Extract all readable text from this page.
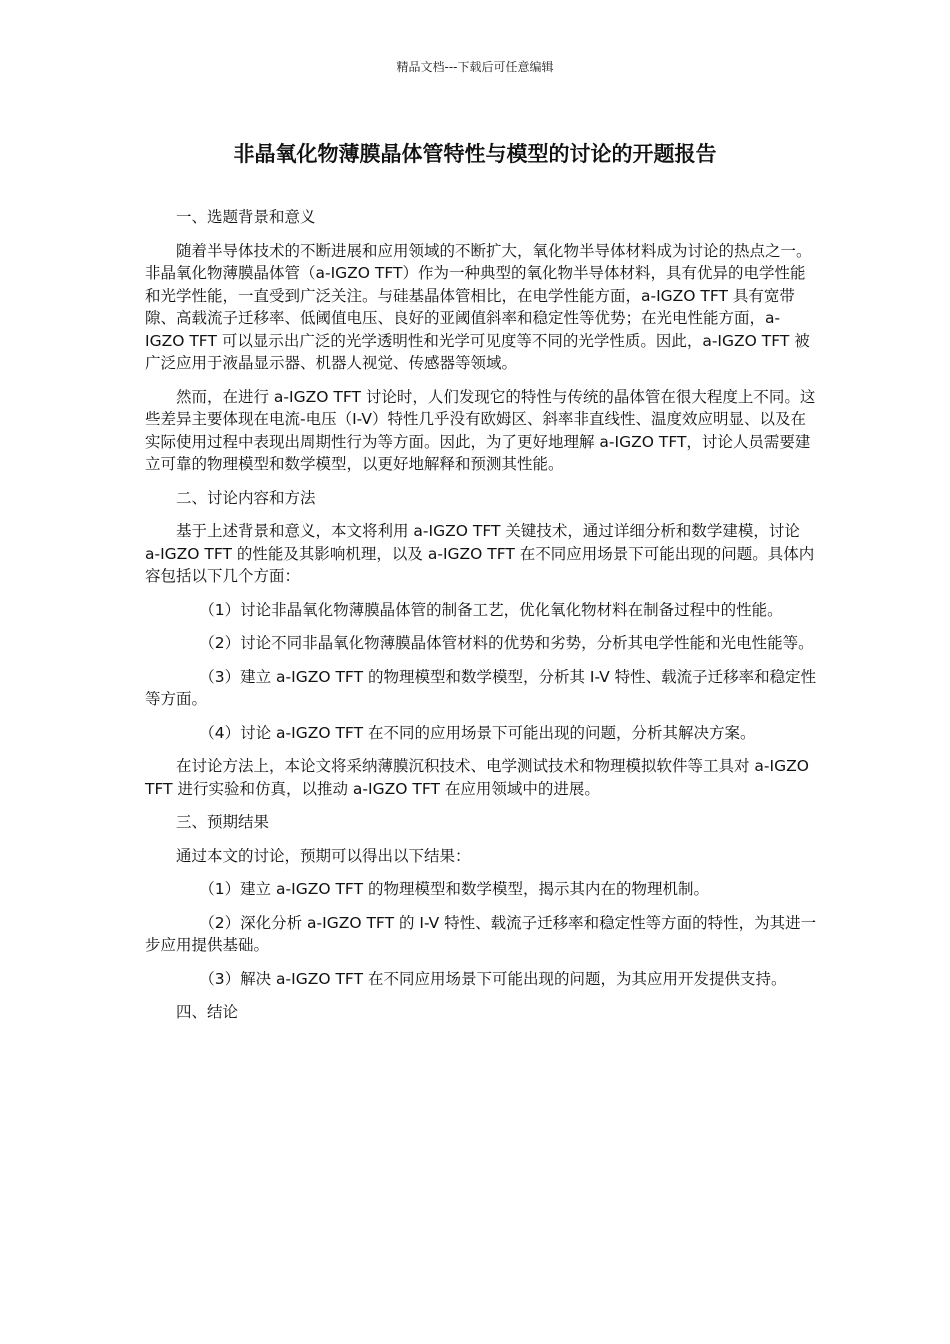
精品文档---下载后可任意编辑
非晶氧化物薄膜晶体管特性与模型的讨论的开题报告

一、选题背景和意义

随着半导体技术的不断进展和应用领域的不断扩大，氧化物半导体材料成为讨论的热点之一。非晶氧化物薄膜晶体管（a-IGZO TFT）作为一种典型的氧化物半导体材料，具有优异的电学性能和光学性能，一直受到广泛关注。与硅基晶体管相比，在电学性能方面，a-IGZO TFT 具有宽带隙、高载流子迁移率、低阈值电压、良好的亚阈值斜率和稳定性等优势；在光电性能方面，a-IGZO TFT 可以显示出广泛的光学透明性和光学可见度等不同的光学性质。因此，a-IGZO TFT 被广泛应用于液晶显示器、机器人视觉、传感器等领域。

然而，在进行 a-IGZO TFT 讨论时，人们发现它的特性与传统的晶体管在很大程度上不同。这些差异主要体现在电流-电压（I-V）特性几乎没有欧姆区、斜率非直线性、温度效应明显、以及在实际使用过程中表现出周期性行为等方面。因此，为了更好地理解 a-IGZO TFT，讨论人员需要建立可靠的物理模型和数学模型，以更好地解释和预测其性能。

二、讨论内容和方法

基于上述背景和意义，本文将利用 a-IGZO TFT 关键技术，通过详细分析和数学建模，讨论 a-IGZO TFT 的性能及其影响机理，以及 a-IGZO TFT 在不同应用场景下可能出现的问题。具体内容包括以下几个方面：

（1）讨论非晶氧化物薄膜晶体管的制备工艺，优化氧化物材料在制备过程中的性能。

（2）讨论不同非晶氧化物薄膜晶体管材料的优势和劣势，分析其电学性能和光电性能等。

（3）建立 a-IGZO TFT 的物理模型和数学模型，分析其 I-V 特性、载流子迁移率和稳定性等方面。

（4）讨论 a-IGZO TFT 在不同的应用场景下可能出现的问题，分析其解决方案。

在讨论方法上，本论文将采纳薄膜沉积技术、电学测试技术和物理模拟软件等工具对 a-IGZO TFT 进行实验和仿真，以推动 a-IGZO TFT 在应用领域中的进展。

三、预期结果

通过本文的讨论，预期可以得出以下结果：

（1）建立 a-IGZO TFT 的物理模型和数学模型，揭示其内在的物理机制。

（2）深化分析 a-IGZO TFT 的 I-V 特性、载流子迁移率和稳定性等方面的特性，为其进一步应用提供基础。

（3）解决 a-IGZO TFT 在不同应用场景下可能出现的问题，为其应用开发提供支持。

四、结论
